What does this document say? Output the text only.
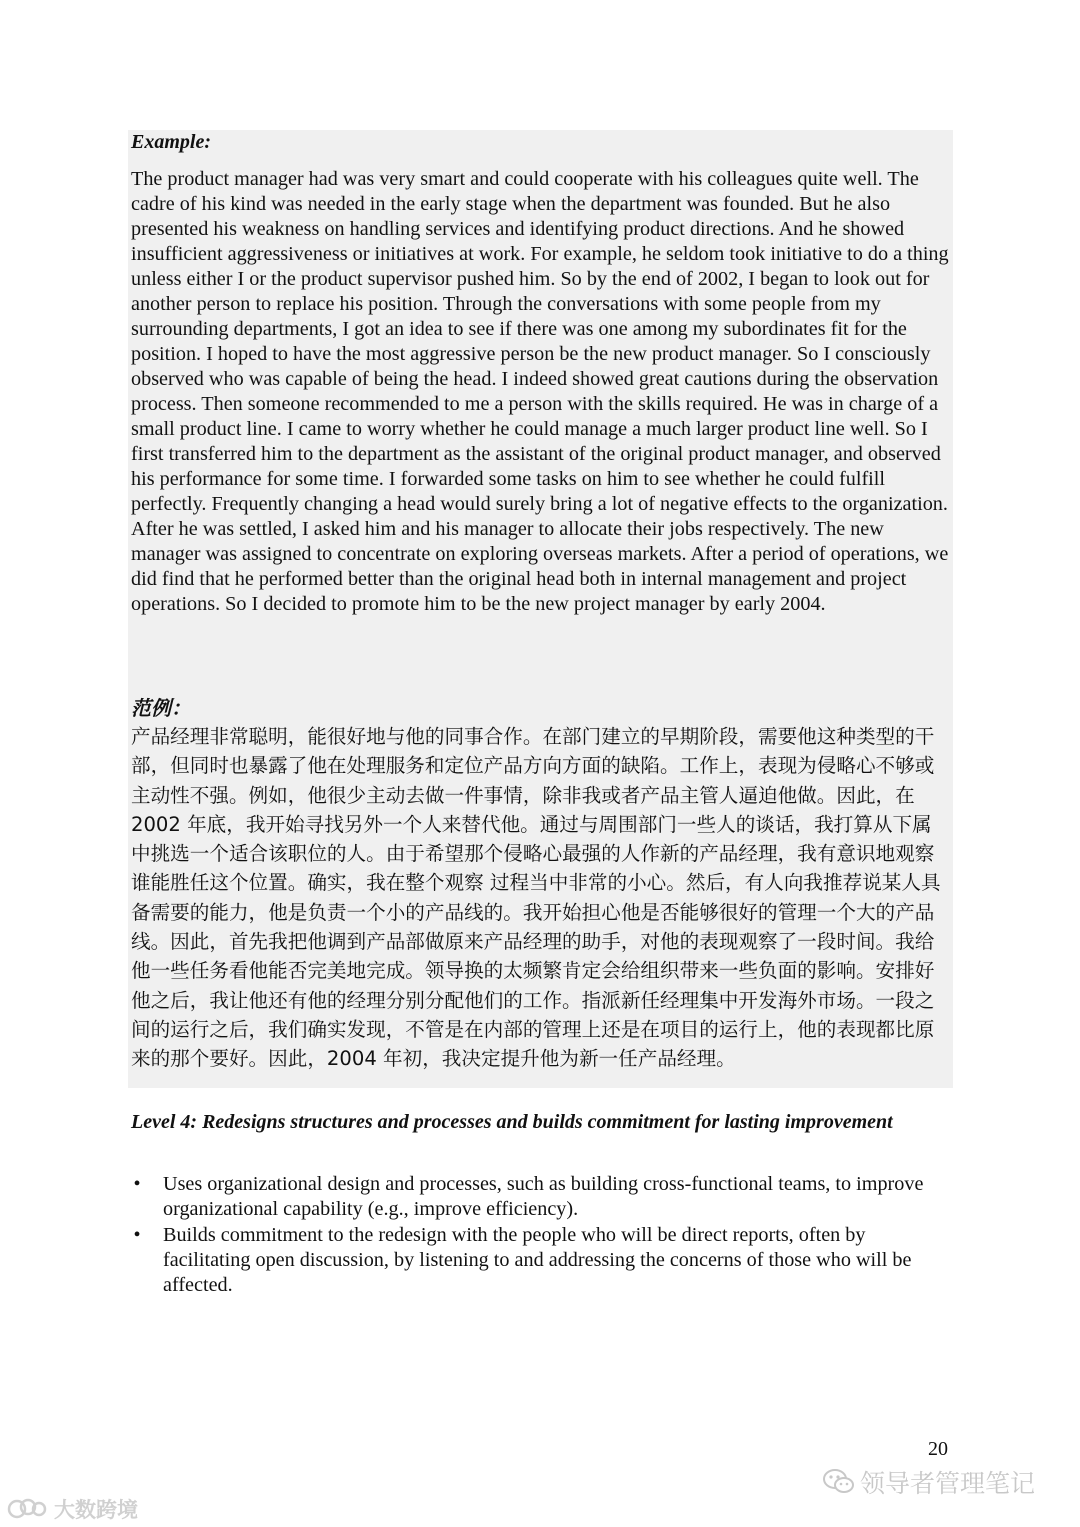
Example:

The product manager had was very smart and could cooperate with his colleagues quite well. The cadre of his kind was needed in the early stage when the department was founded. But he also presented his weakness on handling services and identifying product directions. And he showed insufficient aggressiveness or initiatives at work. For example, he seldom took initiative to do a thing unless either I or the product supervisor pushed him. So by the end of 2002, I began to look out for another person to replace his position. Through the conversations with some people from my surrounding departments, I got an idea to see if there was one among my subordinates fit for the position. I hoped to have the most aggressive person be the new product manager. So I consciously observed who was capable of being the head. I indeed showed great cautions during the observation process. Then someone recommended to me a person with the skills required. He was in charge of a small product line. I came to worry whether he could manage a much larger product line well. So I first transferred him to the department as the assistant of the original product manager, and observed his performance for some time. I forwarded some tasks on him to see whether he could fulfill perfectly. Frequently changing a head would surely bring a lot of negative effects to the organization. After he was settled, I asked him and his manager to allocate their jobs respectively. The new manager was assigned to concentrate on exploring overseas markets. After a period of operations, we did find that he performed better than the original head both in internal management and project operations. So I decided to promote him to be the new project manager by early 2004.

范例：

产品经理非常聪明，能很好地与他的同事合作。在部门建立的早期阶段，需要他这种类型的干部，但同时也暴露了他在处理服务和定位产品方向方面的缺陷。工作上，表现为侵略心不够或主动性不强。例如，他很少主动去做一件事情，除非我或者产品主管人逼迫他做。因此，在 2002 年底，我开始寻找另外一个人来替代他。通过与周围部门一些人的谈话，我打算从下属中挑选一个适合该职位的人。由于希望那个侵略心最强的人作新的产品经理，我有意识地观察谁能胜任这个位置。确实，我在整个观察 过程当中非常的小心。然后，有人向我推荐说某人具备需要的能力，他是负责一个小的产品线的。我开始担心他是否能够很好的管理一个大的产品线。因此，首先我把他调到产品部做原来产品经理的助手，对他的表现观察了一段时间。我给他一些任务看他能否完美地完成。领导换的太频繁肯定会给组织带来一些负面的影响。安排好他之后，我让他还有他的经理分别分配他们的工作。指派新任经理集中开发海外市场。一段之间的运行之后，我们确实发现，不管是在内部的管理上还是在项目的运行上，他的表现都比原来的那个要好。因此，2004 年初，我决定提升他为新一任产品经理。

Level 4: Redesigns structures and processes and builds commitment for lasting improvement

• Uses organizational design and processes, such as building cross-functional teams, to improve organizational capability (e.g., improve efficiency).
• Builds commitment to the redesign with the people who will be direct reports, often by facilitating open discussion, by listening to and addressing the concerns of those who will be affected.

20

领导者管理笔记
大数跨境
